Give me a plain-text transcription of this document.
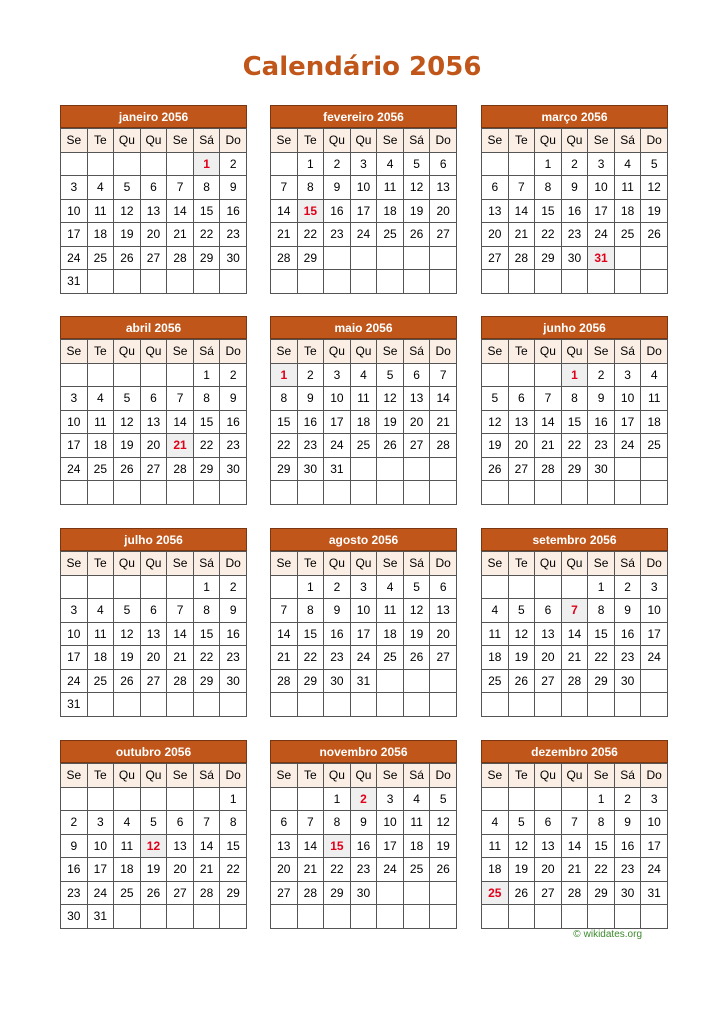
Calendário 2056
janeiro 2056
Se	Te	Qu	Qu	Se	Sá	Do
					1	2
3	4	5	6	7	8	9
10	11	12	13	14	15	16
17	18	19	20	21	22	23
24	25	26	27	28	29	30
31						
fevereiro 2056
Se	Te	Qu	Qu	Se	Sá	Do
	1	2	3	4	5	6
7	8	9	10	11	12	13
14	15	16	17	18	19	20
21	22	23	24	25	26	27
28	29					

março 2056
Se	Te	Qu	Qu	Se	Sá	Do
		1	2	3	4	5
6	7	8	9	10	11	12
13	14	15	16	17	18	19
20	21	22	23	24	25	26
27	28	29	30	31		

abril 2056
Se	Te	Qu	Qu	Se	Sá	Do
					1	2
3	4	5	6	7	8	9
10	11	12	13	14	15	16
17	18	19	20	21	22	23
24	25	26	27	28	29	30

maio 2056
Se	Te	Qu	Qu	Se	Sá	Do
1	2	3	4	5	6	7
8	9	10	11	12	13	14
15	16	17	18	19	20	21
22	23	24	25	26	27	28
29	30	31				

junho 2056
Se	Te	Qu	Qu	Se	Sá	Do
			1	2	3	4
5	6	7	8	9	10	11
12	13	14	15	16	17	18
19	20	21	22	23	24	25
26	27	28	29	30		

julho 2056
Se	Te	Qu	Qu	Se	Sá	Do
					1	2
3	4	5	6	7	8	9
10	11	12	13	14	15	16
17	18	19	20	21	22	23
24	25	26	27	28	29	30
31						
agosto 2056
Se	Te	Qu	Qu	Se	Sá	Do
	1	2	3	4	5	6
7	8	9	10	11	12	13
14	15	16	17	18	19	20
21	22	23	24	25	26	27
28	29	30	31			

setembro 2056
Se	Te	Qu	Qu	Se	Sá	Do
				1	2	3
4	5	6	7	8	9	10
11	12	13	14	15	16	17
18	19	20	21	22	23	24
25	26	27	28	29	30	

outubro 2056
Se	Te	Qu	Qu	Se	Sá	Do
						1
2	3	4	5	6	7	8
9	10	11	12	13	14	15
16	17	18	19	20	21	22
23	24	25	26	27	28	29
30	31					
novembro 2056
Se	Te	Qu	Qu	Se	Sá	Do
		1	2	3	4	5
6	7	8	9	10	11	12
13	14	15	16	17	18	19
20	21	22	23	24	25	26
27	28	29	30			

dezembro 2056
Se	Te	Qu	Qu	Se	Sá	Do
				1	2	3
4	5	6	7	8	9	10
11	12	13	14	15	16	17
18	19	20	21	22	23	24
25	26	27	28	29	30	31

© wikidates.org
